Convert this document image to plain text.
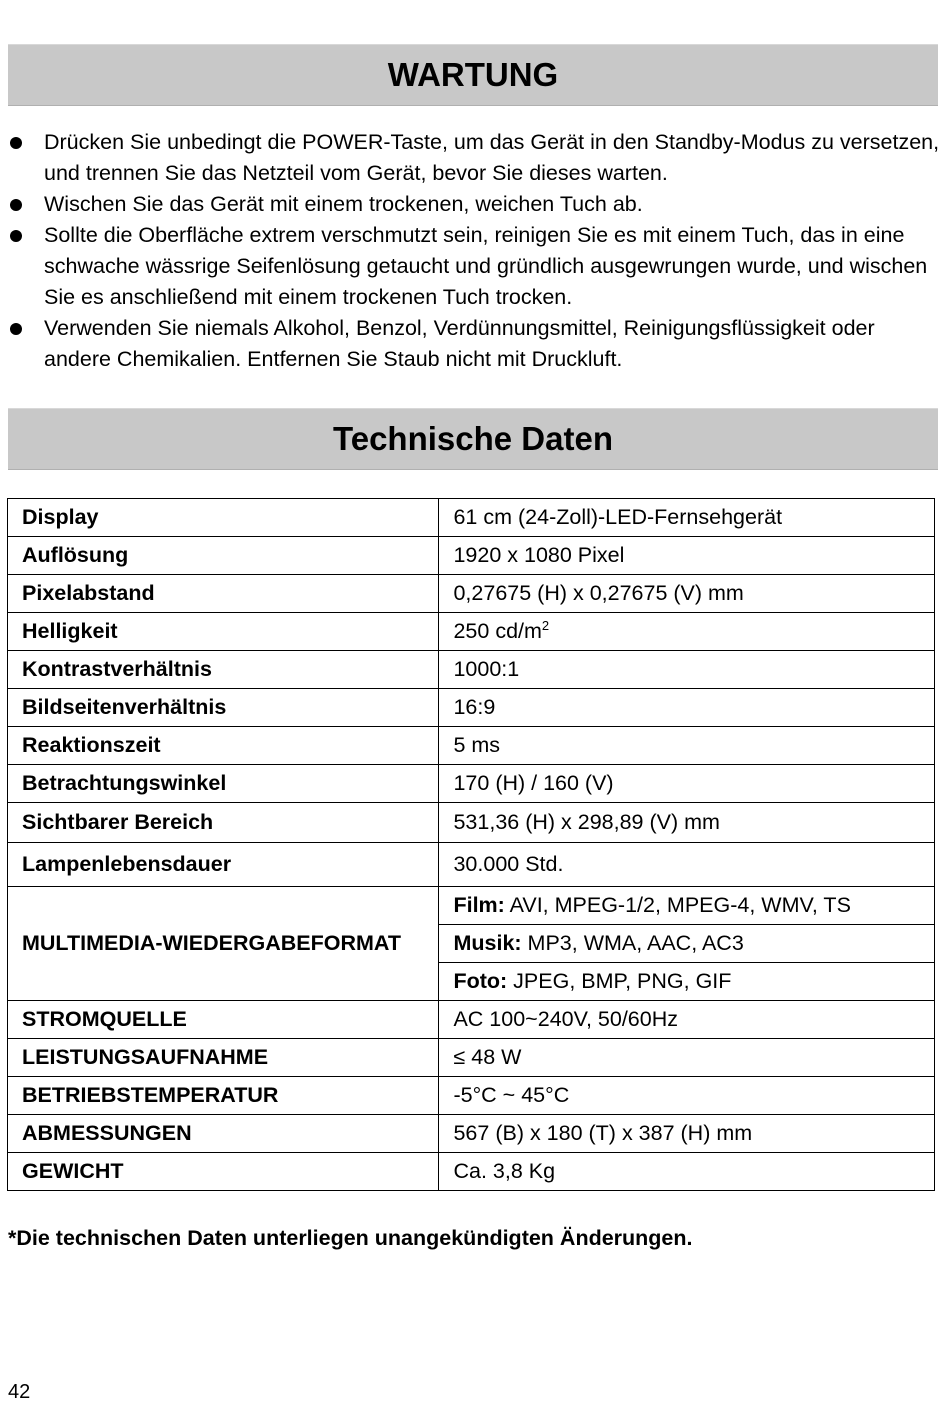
WARTUNG
Drücken Sie unbedingt die POWER-Taste, um das Gerät in den Standby-Modus zu versetzen, und trennen Sie das Netzteil vom Gerät, bevor Sie dieses warten.
Wischen Sie das Gerät mit einem trockenen, weichen Tuch ab.
Sollte die Oberfläche extrem verschmutzt sein, reinigen Sie es mit einem Tuch, das in eine schwache wässrige Seifenlösung getaucht und gründlich ausgewrungen wurde, und wischen Sie es anschließend mit einem trockenen Tuch trocken.
Verwenden Sie niemals Alkohol, Benzol, Verdünnungsmittel, Reinigungsflüssigkeit oder andere Chemikalien. Entfernen Sie Staub nicht mit Druckluft.
Technische Daten
Display	61 cm (24-Zoll)-LED-Fernsehgerät
Auflösung	1920 x 1080 Pixel
Pixelabstand	0,27675 (H) x 0,27675 (V) mm
Helligkeit	250 $cd/m^2$
Kontrastverhältnis	1000:1
Bildseitenverhältnis	16:9
Reaktionszeit	5 ms
Betrachtungswinkel	170 (H) / 160 (V)
Sichtbarer Bereich	531,36 (H) x 298,89 (V) mm
Lampenlebensdauer	30.000 Std.
MULTIMEDIA-WIEDERGABEFORMAT	Film: AVI, MPEG-1/2, MPEG-4, WMV, TS
	Musik: MP3, WMA, AAC, AC3
	Foto: JPEG, BMP, PNG, GIF
STROMQUELLE	AC 100~240V, 50/60Hz
LEISTUNGSAUFNAHME	≤ 48 W
BETRIEBSTEMPERATUR	-5°C ~ 45°C
ABMESSUNGEN	567 (B) x 180 (T) x 387 (H) mm
GEWICHT	Ca. 3,8 Kg
*Die technischen Daten unterliegen unangekündigten Änderungen.
42
